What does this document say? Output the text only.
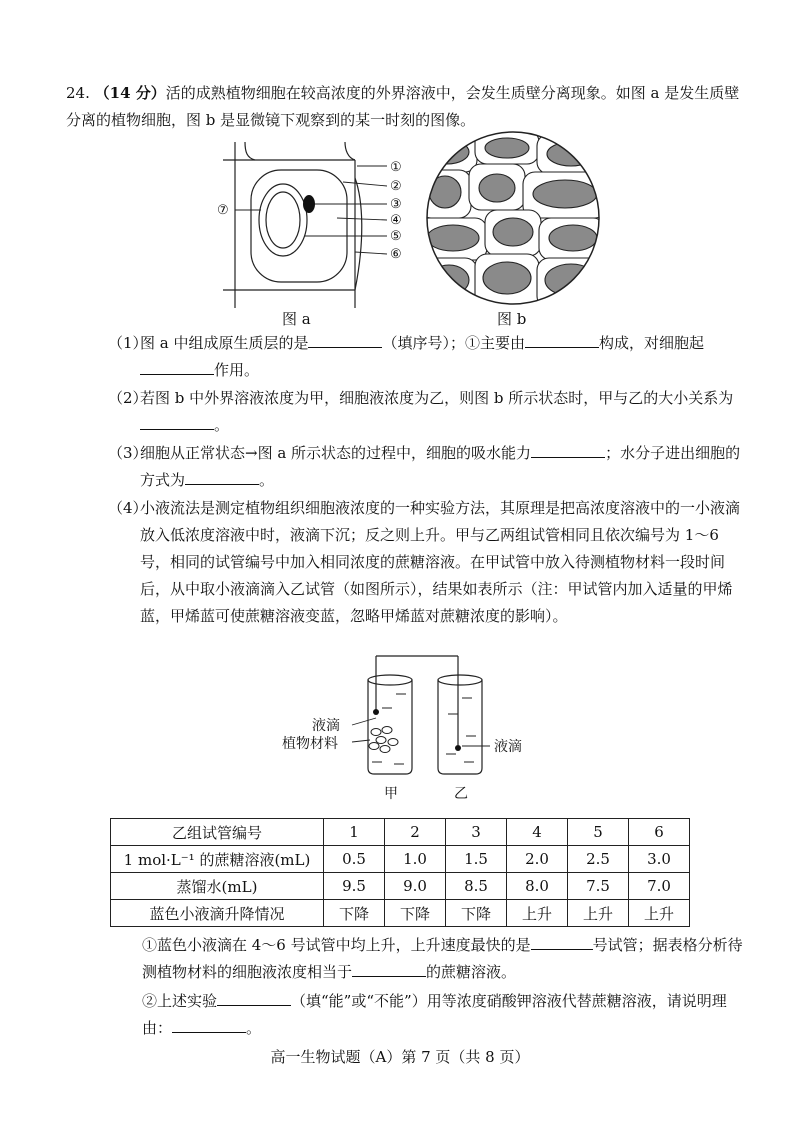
24. （14 分）活的成熟植物细胞在较高浓度的外界溶液中，会发生质壁分离现象。如图 a 是发生质壁分离的植物细胞，图 b 是显微镜下观察到的某一时刻的图像。
①
②
③
④
⑤
⑥
⑦
图 a	图 b
（1）
图 a 中组成原生质层的是	（填序号）；①主要由	构成，对细胞起作用。
（2）
若图 b 中外界溶液浓度为甲，细胞液浓度为乙，则图 b 所示状态时，甲与乙的大小关系为。
（3）
细胞从正常状态→图 a 所示状态的过程中，细胞的吸水能力	；水分子进出细胞的方式为	。
（4）
小液流法是测定植物组织细胞液浓度的一种实验方法，其原理是把高浓度溶液中的一小液滴放入低浓度溶液中时，液滴下沉；反之则上升。甲与乙两组试管相同且依次编号为 1～6 号，相同的试管编号中加入相同浓度的蔗糖溶液。在甲试管中放入待测植物材料一段时间后，从中取小液滴滴入乙试管（如图所示），结果如表所示（注：甲试管内加入适量的甲烯蓝，甲烯蓝可使蔗糖溶液变蓝，忽略甲烯蓝对蔗糖浓度的影响）。
液滴
植物材料	液滴
甲	乙
乙组试管编号	1	2	3	4	5	6
1 mol·L⁻¹ 的蔗糖溶液(mL)	0.5	1.0	1.5	2.0	2.5	3.0
蒸馏水(mL)	9.5	9.0	8.5	8.0	7.5	7.0
蓝色小液滴升降情况	下降	下降	下降	上升	上升	上升
①蓝色小液滴在 4～6 号试管中均上升，上升速度最快的是	号试管；据表格分析待测植物材料的细胞液浓度相当于	的蔗糖溶液。
②上述实验	（填“能”或“不能”）用等浓度硝酸钾溶液代替蔗糖溶液，请说明理由：	。
高一生物试题（A）第 7 页（共 8 页）
